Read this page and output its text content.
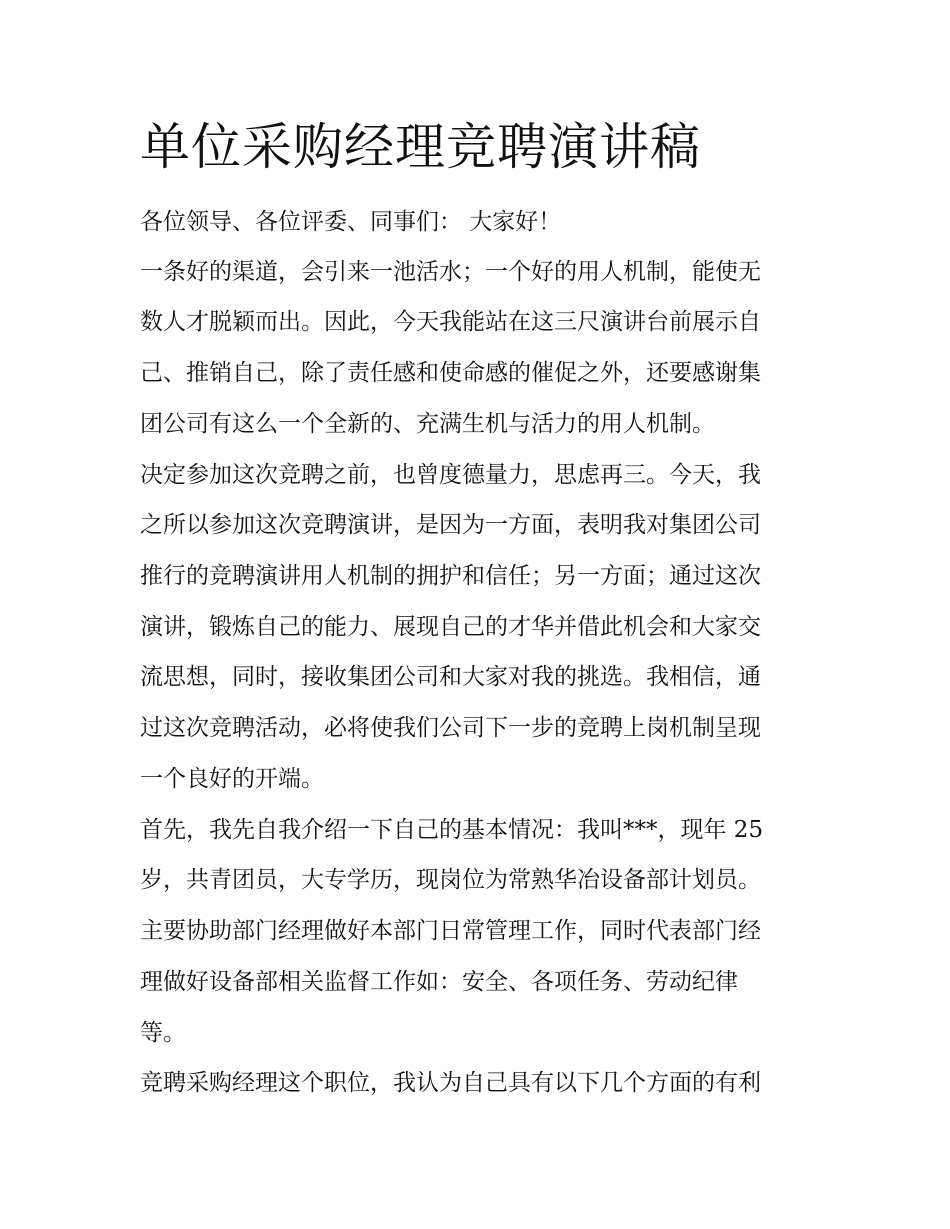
单位采购经理竞聘演讲稿

各位领导、各位评委、同事们： 大家好！

一条好的渠道，会引来一池活水；一个好的用人机制，能使无

数人才脱颖而出。因此，今天我能站在这三尺演讲台前展示自

己、推销自己，除了责任感和使命感的催促之外，还要感谢集

团公司有这么一个全新的、充满生机与活力的用人机制。

决定参加这次竞聘之前，也曾度德量力，思虑再三。今天，我

之所以参加这次竞聘演讲，是因为一方面，表明我对集团公司

推行的竞聘演讲用人机制的拥护和信任；另一方面；通过这次

演讲，锻炼自己的能力、展现自己的才华并借此机会和大家交

流思想，同时，接收集团公司和大家对我的挑选。我相信，通

过这次竞聘活动，必将使我们公司下一步的竞聘上岗机制呈现

一个良好的开端。

首先，我先自我介绍一下自己的基本情况：我叫***，现年 25

岁，共青团员，大专学历，现岗位为常熟华冶设备部计划员。

主要协助部门经理做好本部门日常管理工作，同时代表部门经

理做好设备部相关监督工作如：安全、各项任务、劳动纪律

等。

竞聘采购经理这个职位，我认为自己具有以下几个方面的有利
